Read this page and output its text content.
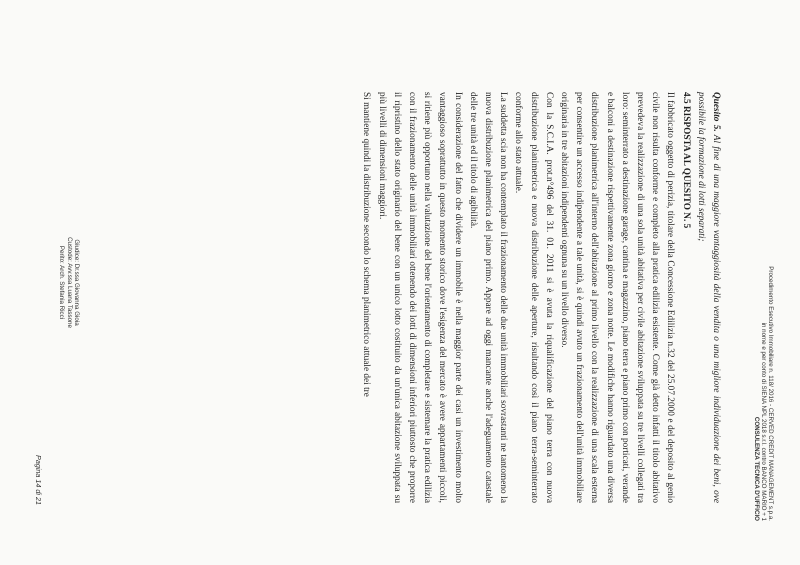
Procedimento Esecutivo Immobiliare n. 118/ 2016 - CERVED CREDIT MANAGEMENT s.p.a.
in nome e per conto di SIENA NPL 2018 s.r.l. contro BANCO MARIO + 1
CONSULENZA TECNICA D'UFFICIO

Quesito 5. Al fine di una maggiore vantaggiosità della vendita o una migliore individuazione dei beni, ove possibile la formazione di lotti separati;

4.5 RISPOSTA AL QUESITO N. 5

Il fabbricato oggetto di perizia, titolare della Concessione Edilizia n.32 del 25.07.2000 e del deposito al genio civile non risulta conforme e completo alla pratica edilizia esistente. Come già detto infatti il titolo abitativo prevedeva la realizzazione di una sola unità abitativa per civile abitazione sviluppata su tre livelli collegati tra loro: seminterrato a destinazione garage, cantina e magazzino, piano terra e piano primo con porticati, verande e balconi a destinazione rispettivamente zona giorno e zona notte. Le modifiche hanno riguardato una diversa distribuzione planimetrica all'interno dell'abitazione al primo livello con la realizzazione di una scala esterna per consentire un accesso indipendente a tale unità, si è quindi avuto un frazionamento dell'unità immobiliare originaria in tre abitazioni indipendenti ognuna su un livello diverso.

Con la S.C.I.A. prot.n°496 del 31. 01. 2011 si è avuta la riqualificazione del piano terra con nuova distribuzione planimetrica e nuova distribuzione delle aperture, risultando così il piano terra-seminterrato conforme allo stato attuale.

La suddetta scia non ha contemplato il frazionamento delle due unità immobiliari sovrastanti ne tantomeno la nuova distribuzione planimetrica del piano primo. Appare ad oggi mancante anche l'adeguamento catastale delle tre unità ed il titolo di agibilità.

In considerazione del fatto che dividere un immobile è nella maggior parte dei casi un investimento molto vantaggioso soprattutto in questo momento storico dove l'esigenza del mercato è avere appartamenti piccoli, si ritiene più opportuno nella valutazione del bene l'orientamento di completare e sistemare la pratica edilizia con il frazionamento delle unità immobiliari ottenendo dei lotti di dimensioni inferiori piuttosto che proporre il ripristino dello stato originario del bene con un unico lotto costituito da un'unica abitazione sviluppata su più livelli di dimensioni maggiori.

Si mantiene quindi la distribuzione secondo lo schema planimetrico attuale dei tre

Giudice: Dr.ssa Giovanna Gioia
Custode: Avv.ssa Luana Tassone
Perito: Arch. Stefania Ricci
Pagina 14 di 21
